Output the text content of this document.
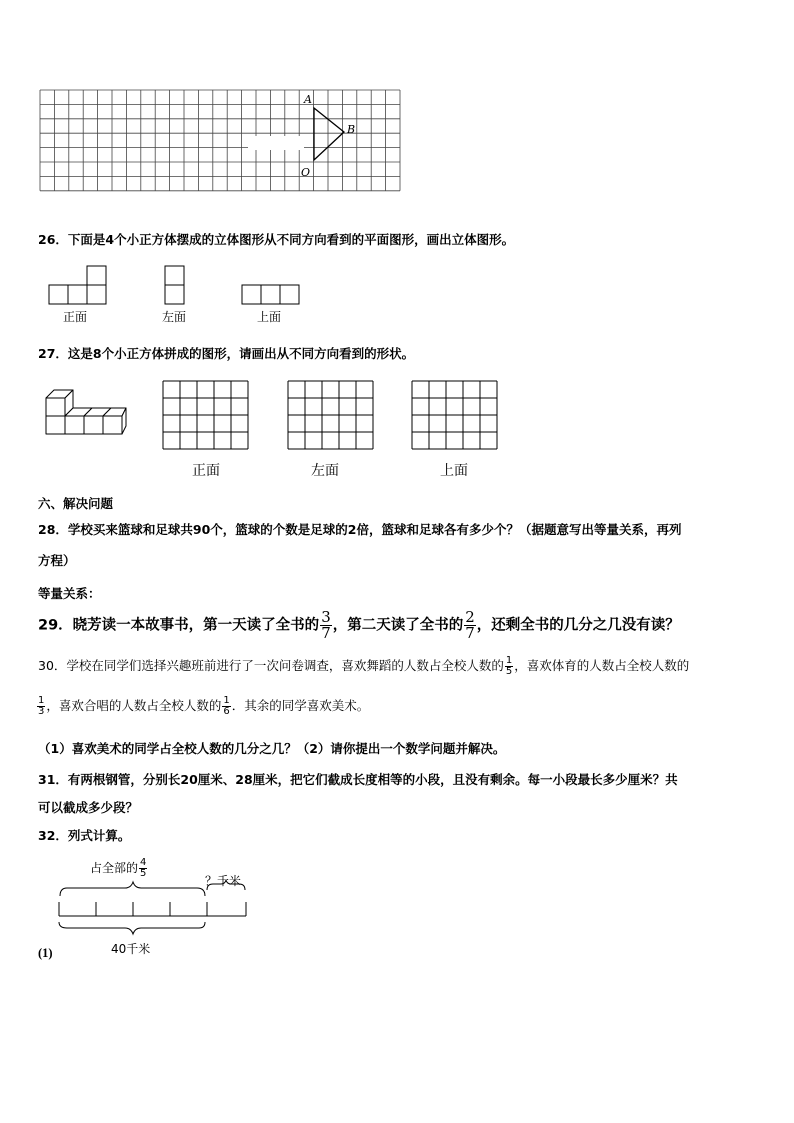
A
B
O
26．下面是4个小正方体摆成的立体图形从不同方向看到的平面图形，画出立体图形。
正面	左面	上面
27．这是8个小正方体拼成的图形，请画出从不同方向看到的形状。
正面	左面	上面
六、解决问题
28．学校买来篮球和足球共90个，篮球的个数是足球的2倍，篮球和足球各有多少个？（据题意写出等量关系，再列
方程）
等量关系：
29．晓芳读一本故事书，第一天读了全书的 $\frac{3}{7}$ ，第二天读了全书的 $\frac{2}{7}$ ，还剩全书的几分之几没有读？
30．学校在同学们选择兴趣班前进行了一次问卷调查，喜欢舞蹈的人数占全校人数的 $\frac{1}{5}$ ，喜欢体育的人数占全校人数的
$\frac{1}{3}$ ，喜欢合唱的人数占全校人数的 $\frac{1}{6}$ ．其余的同学喜欢美术。
（1）喜欢美术的同学占全校人数的几分之几？（2）请你提出一个数学问题并解决。
31．有两根钢管，分别长20厘米、28厘米，把它们截成长度相等的小段，且没有剩余。每一小段最长多少厘米？共
可以截成多少段？
32．列式计算。
占全部的 $\frac{4}{5}$
？千米
40千米
(1)
